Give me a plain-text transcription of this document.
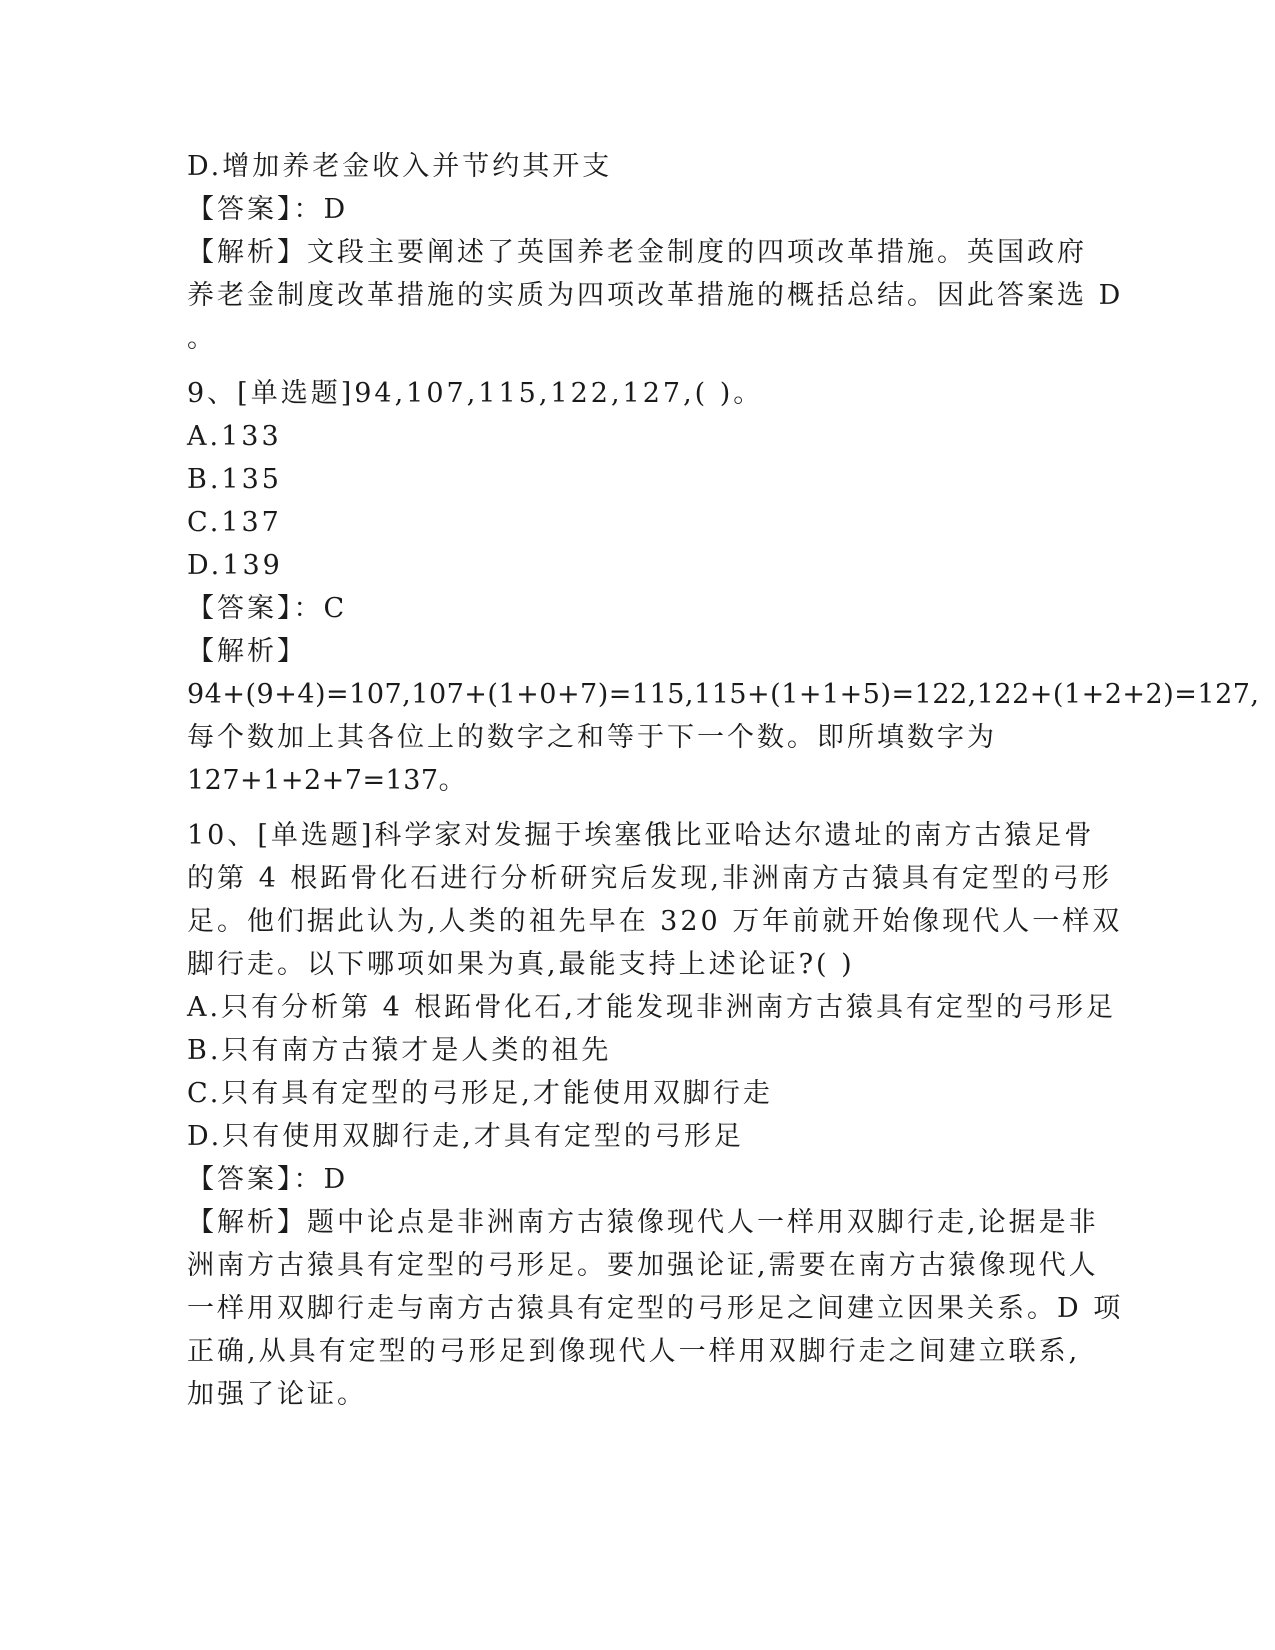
D.增加养老金收入并节约其开支

【答案】：D

【解析】文段主要阐述了英国养老金制度的四项改革措施。英国政府

养老金制度改革措施的实质为四项改革措施的概括总结。因此答案选 D

。

9、[单选题]94,107,115,122,127,( )。

A.133

B.135

C.137

D.139

【答案】：C

【解析】

94+(9+4)=107,107+(1+0+7)=115,115+(1+1+5)=122,122+(1+2+2)=127,

每个数加上其各位上的数字之和等于下一个数。即所填数字为

127+1+2+7=137。

10、[单选题]科学家对发掘于埃塞俄比亚哈达尔遗址的南方古猿足骨

的第 4 根跖骨化石进行分析研究后发现,非洲南方古猿具有定型的弓形

足。他们据此认为,人类的祖先早在 320 万年前就开始像现代人一样双

脚行走。以下哪项如果为真,最能支持上述论证?( )

A.只有分析第 4 根跖骨化石,才能发现非洲南方古猿具有定型的弓形足

B.只有南方古猿才是人类的祖先

C.只有具有定型的弓形足,才能使用双脚行走

D.只有使用双脚行走,才具有定型的弓形足

【答案】：D

【解析】题中论点是非洲南方古猿像现代人一样用双脚行走,论据是非

洲南方古猿具有定型的弓形足。要加强论证,需要在南方古猿像现代人

一样用双脚行走与南方古猿具有定型的弓形足之间建立因果关系。D 项

正确,从具有定型的弓形足到像现代人一样用双脚行走之间建立联系,

加强了论证。
